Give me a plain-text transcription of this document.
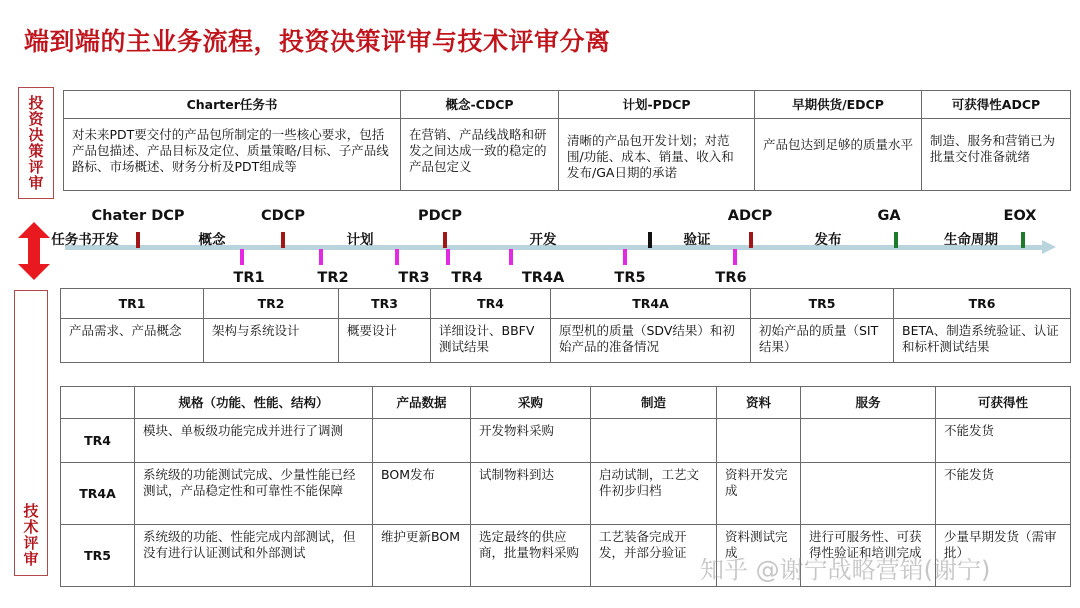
端到端的主业务流程，投资决策评审与技术评审分离
投
资
决
策
评
审
Charter任务书	概念-CDCP	计划-PDCP	早期供货/EDCP	可获得性ADCP
对未来PDT要交付的产品包所制定的一些核心要求，包括产品包描述、产品目标及定位、质量策略/目标、子产品线路标、市场概述、财务分析及PDT组成等	在营销、产品线战略和研发之间达成一致的稳定的产品包定义	清晰的产品包开发计划；对范围/功能、成本、销量、收入和发布/GA日期的承诺	产品包达到足够的质量水平	制造、服务和营销已为批量交付准备就绪
Chater DCP	CDCP	PDCP	ADCP	GA	EOX
任务书开发	概念	计划	开发	验证	发布	生命周期
TR1	TR2	TR3 TR4	TR4A	TR5	TR6
技
术
评
审
TR1	TR2	TR3	TR4	TR4A	TR5	TR6
产品需求、产品概念	架构与系统设计	概要设计	详细设计、BBFV测试结果	原型机的质量（SDV结果）和初始产品的准备情况	初始产品的质量（SIT结果）	BETA、制造系统验证、认证和标杆测试结果
	规格（功能、性能、结构）	产品数据	采购	制造	资料	服务	可获得性
TR4	模块、单板级功能完成并进行了调测		开发物料采购				不能发货
TR4A	系统级的功能测试完成、少量性能已经测试，产品稳定性和可靠性不能保障	BOM发布	试制物料到达	启动试制，工艺文件初步归档	资料开发完成		不能发货
TR5	系统级的功能、性能完成内部测试，但没有进行认证测试和外部测试	维护更新BOM	选定最终的供应商，批量物料采购	工艺装备完成开发，并部分验证	资料测试完成	进行可服务性、可获得性验证和培训完成	少量早期发货（需审批）
知乎 @谢宁战略营销(谢宁)
